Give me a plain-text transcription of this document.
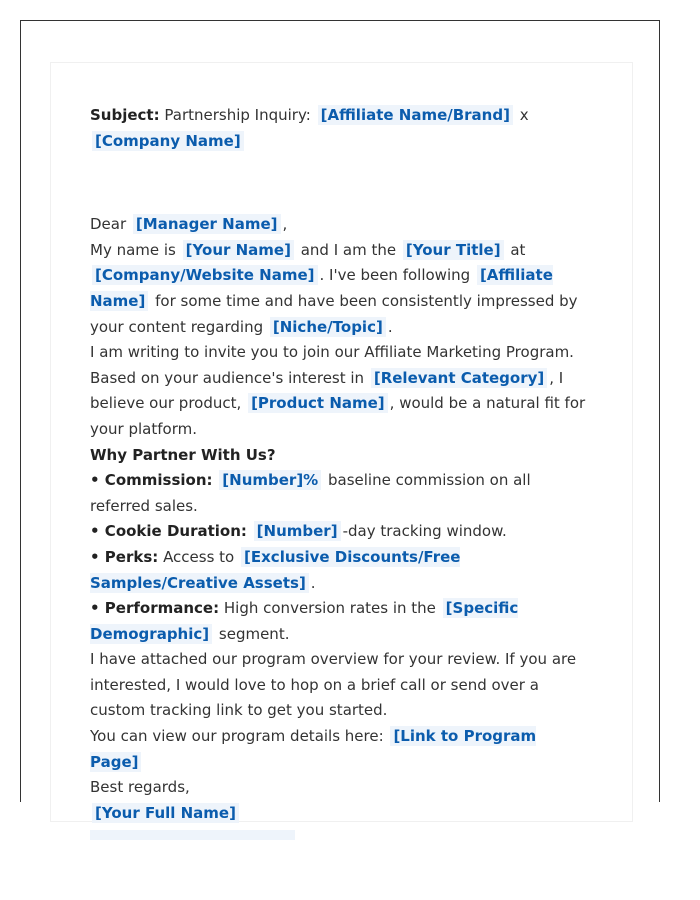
Subject: Partnership Inquiry: [Affiliate Name/Brand] x [Company Name]

Dear [Manager Name] ,

My name is [Your Name] and I am the [Your Title] at [Company/Website Name] . I've been following [Affiliate Name] for some time and have been consistently impressed by your content regarding [Niche/Topic] .

I am writing to invite you to join our Affiliate Marketing Program. Based on your audience's interest in [Relevant Category] , I believe our product, [Product Name] , would be a natural fit for your platform.

Why Partner With Us?

• Commission: [Number]% baseline commission on all referred sales.

• Cookie Duration: [Number] -day tracking window.

• Perks: Access to [Exclusive Discounts/Free Samples/Creative Assets] .

• Performance: High conversion rates in the [Specific Demographic] segment.

I have attached our program overview for your review. If you are interested, I would love to hop on a brief call or send over a custom tracking link to get you started.

You can view our program details here: [Link to Program Page]

Best regards,

[Your Full Name]
